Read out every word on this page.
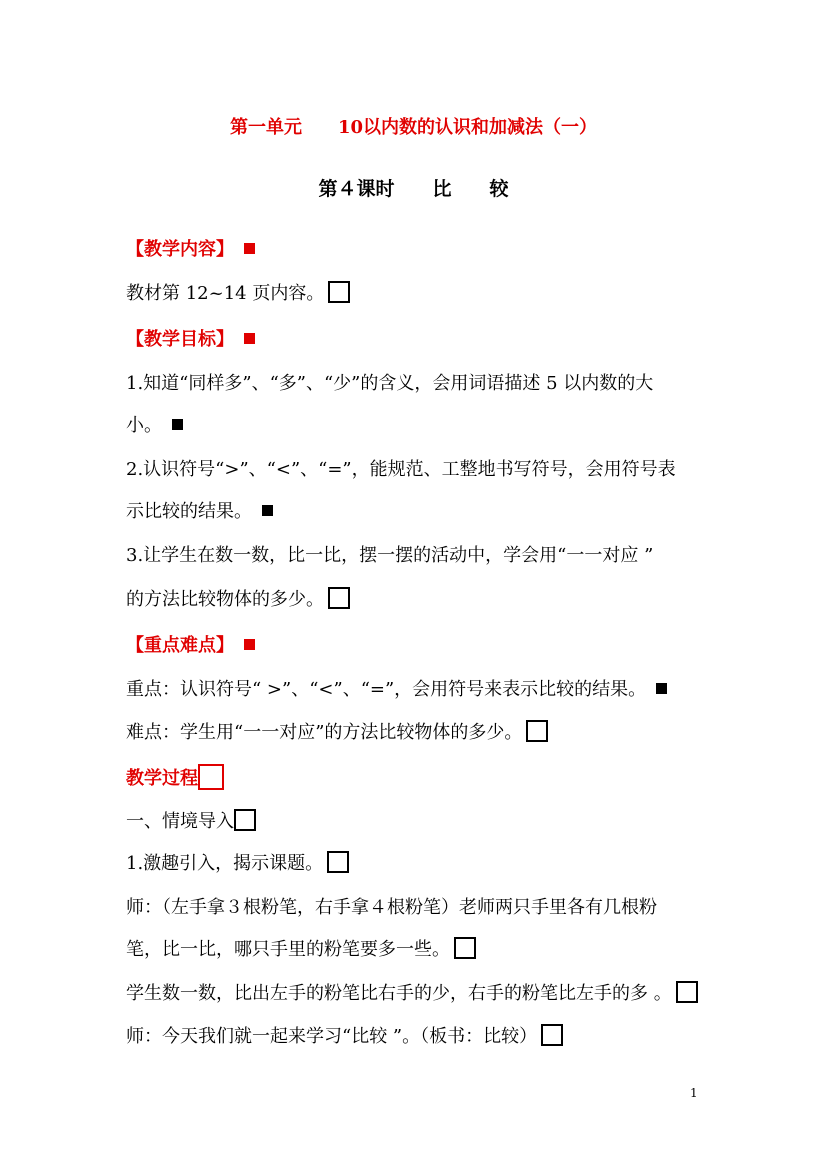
第一单元　　10以内数的认识和加减法（一）
第４课时　　比　　较
【教学内容】
教材第 12~14 页内容。
【教学目标】
1.知道“同样多”、“多”、“少”的含义，会用词语描述 5 以内数的大
小。
2.认识符号“>”、“<”、“=”，能规范、工整地书写符号，会用符号表
示比较的结果。
3.让学生在数一数，比一比，摆一摆的活动中，学会用“一一对应 ”
的方法比较物体的多少。
【重点难点】
重点：认识符号“ >”、“<”、“=”，会用符号来表示比较的结果。
难点：学生用“一一对应”的方法比较物体的多少。
教学过程
一、情境导入
1.激趣引入，揭示课题。
师：（左手拿３根粉笔，右手拿４根粉笔）老师两只手里各有几根粉
笔，比一比，哪只手里的粉笔要多一些。
学生数一数，比出左手的粉笔比右手的少，右手的粉笔比左手的多 。
师：今天我们就一起来学习“比较 ”。（板书：比较）
1
